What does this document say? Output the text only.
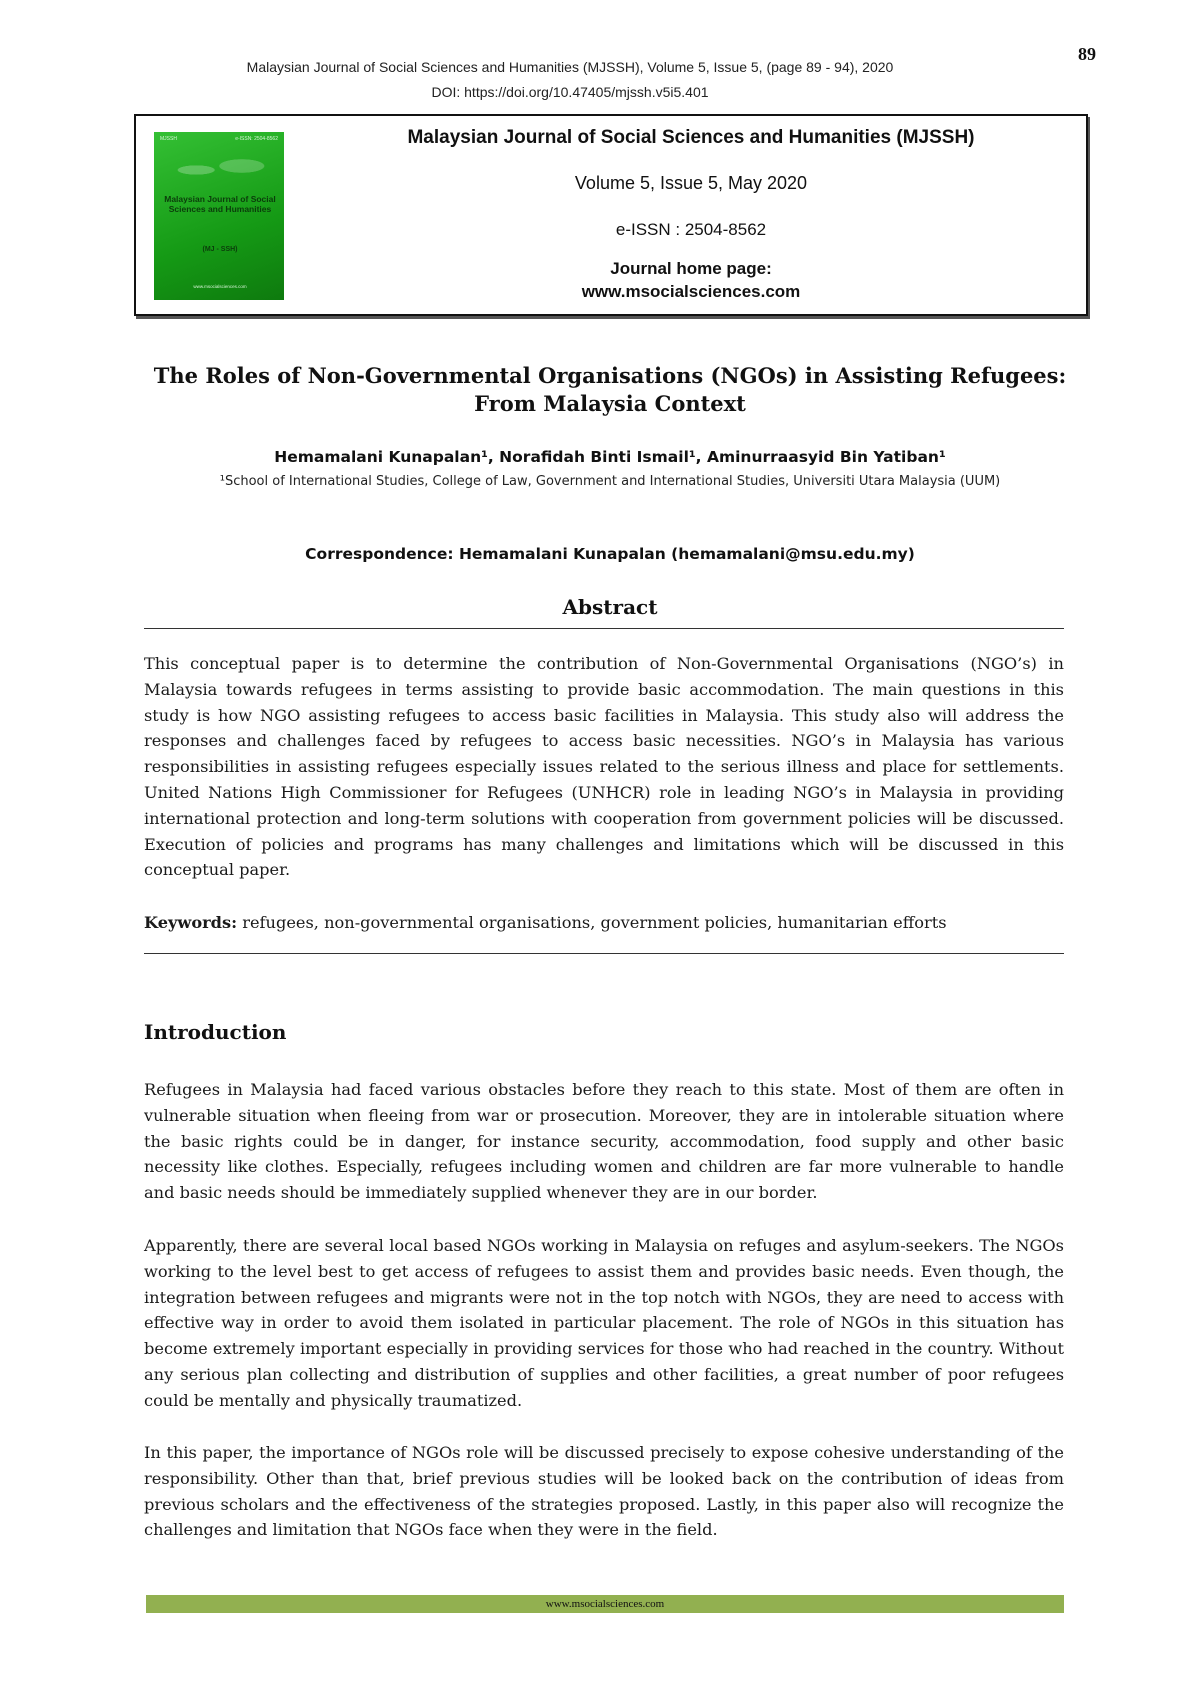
Malaysian Journal of Social Sciences and Humanities (MJSSH), Volume 5, Issue 5, (page 89 - 94), 2020
DOI: https://doi.org/10.47405/mjssh.v5i5.401
89
MJSSH	e-ISSN: 2504-8562
Malaysian Journal of Social Sciences and Humanities
(MJ - SSH)
www.msocialsciences.com
Malaysian Journal of Social Sciences and Humanities (MJSSH)
Volume 5, Issue 5, May 2020
e-ISSN : 2504-8562
Journal home page:
www.msocialsciences.com
The Roles of Non-Governmental Organisations (NGOs) in Assisting Refugees: From Malaysia Context
Hemamalani Kunapalan¹, Norafidah Binti Ismail¹, Aminurraasyid Bin Yatiban¹
¹School of International Studies, College of Law, Government and International Studies, Universiti Utara Malaysia (UUM)
Correspondence: Hemamalani Kunapalan (hemamalani@msu.edu.my)
Abstract
This conceptual paper is to determine the contribution of Non-Governmental Organisations (NGO’s) in Malaysia towards refugees in terms assisting to provide basic accommodation. The main questions in this study is how NGO assisting refugees to access basic facilities in Malaysia. This study also will address the responses and challenges faced by refugees to access basic necessities. NGO’s in Malaysia has various responsibilities in assisting refugees especially issues related to the serious illness and place for settlements. United Nations High Commissioner for Refugees (UNHCR) role in leading NGO’s in Malaysia in providing international protection and long-term solutions with cooperation from government policies will be discussed. Execution of policies and programs has many challenges and limitations which will be discussed in this conceptual paper.
Keywords: refugees, non-governmental organisations, government policies, humanitarian efforts
Introduction
Refugees in Malaysia had faced various obstacles before they reach to this state. Most of them are often in vulnerable situation when fleeing from war or prosecution. Moreover, they are in intolerable situation where the basic rights could be in danger, for instance security, accommodation, food supply and other basic necessity like clothes. Especially, refugees including women and children are far more vulnerable to handle and basic needs should be immediately supplied whenever they are in our border.
Apparently, there are several local based NGOs working in Malaysia on refuges and asylum-seekers. The NGOs working to the level best to get access of refugees to assist them and provides basic needs. Even though, the integration between refugees and migrants were not in the top notch with NGOs, they are need to access with effective way in order to avoid them isolated in particular placement. The role of NGOs in this situation has become extremely important especially in providing services for those who had reached in the country. Without any serious plan collecting and distribution of supplies and other facilities, a great number of poor refugees could be mentally and physically traumatized.
In this paper, the importance of NGOs role will be discussed precisely to expose cohesive understanding of the responsibility. Other than that, brief previous studies will be looked back on the contribution of ideas from previous scholars and the effectiveness of the strategies proposed. Lastly, in this paper also will recognize the challenges and limitation that NGOs face when they were in the field.
www.msocialsciences.com
